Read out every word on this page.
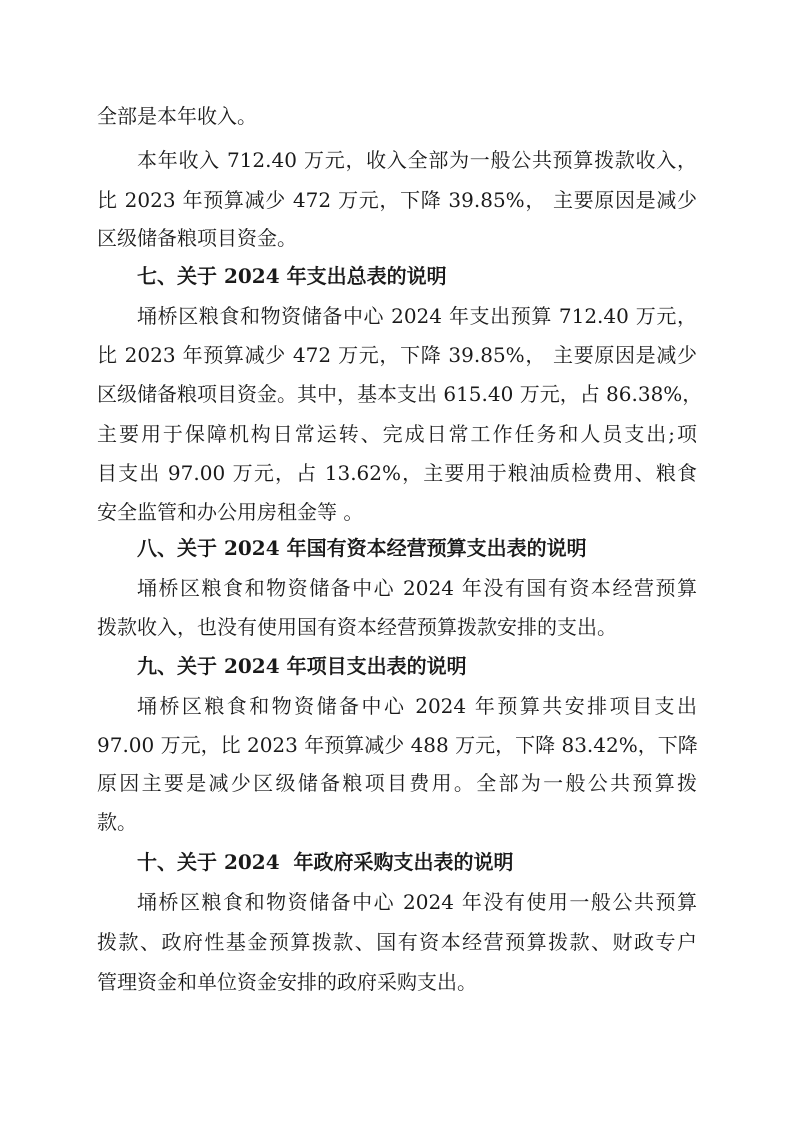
全部是本年收入。
本年收入 712.40 万元，收入全部为一般公共预算拨款收入，
比 2023 年预算减少 472 万元，下降 39.85%， 主要原因是减少
区级储备粮项目资金。
七、关于 2024 年支出总表的说明
埇桥区粮食和物资储备中心 2024 年支出预算 712.40 万元，
比 2023 年预算减少 472 万元，下降 39.85%， 主要原因是减少
区级储备粮项目资金。其中，基本支出 615.40 万元，占 86.38%，
主要用于保障机构日常运转、完成日常工作任务和人员支出;项
目支出 97.00 万元，占 13.62%，主要用于粮油质检费用、粮食
安全监管和办公用房租金等 。
八、关于 2024 年国有资本经营预算支出表的说明
埇桥区粮食和物资储备中心 2024 年没有国有资本经营预算
拨款收入，也没有使用国有资本经营预算拨款安排的支出。
九、关于 2024 年项目支出表的说明
埇桥区粮食和物资储备中心 2024 年预算共安排项目支出
97.00 万元，比 2023 年预算减少 488 万元，下降 83.42%，下降
原因主要是减少区级储备粮项目费用。全部为一般公共预算拨
款。
十、关于 2024  年政府采购支出表的说明
埇桥区粮食和物资储备中心 2024 年没有使用一般公共预算
拨款、政府性基金预算拨款、国有资本经营预算拨款、财政专户
管理资金和单位资金安排的政府采购支出。
